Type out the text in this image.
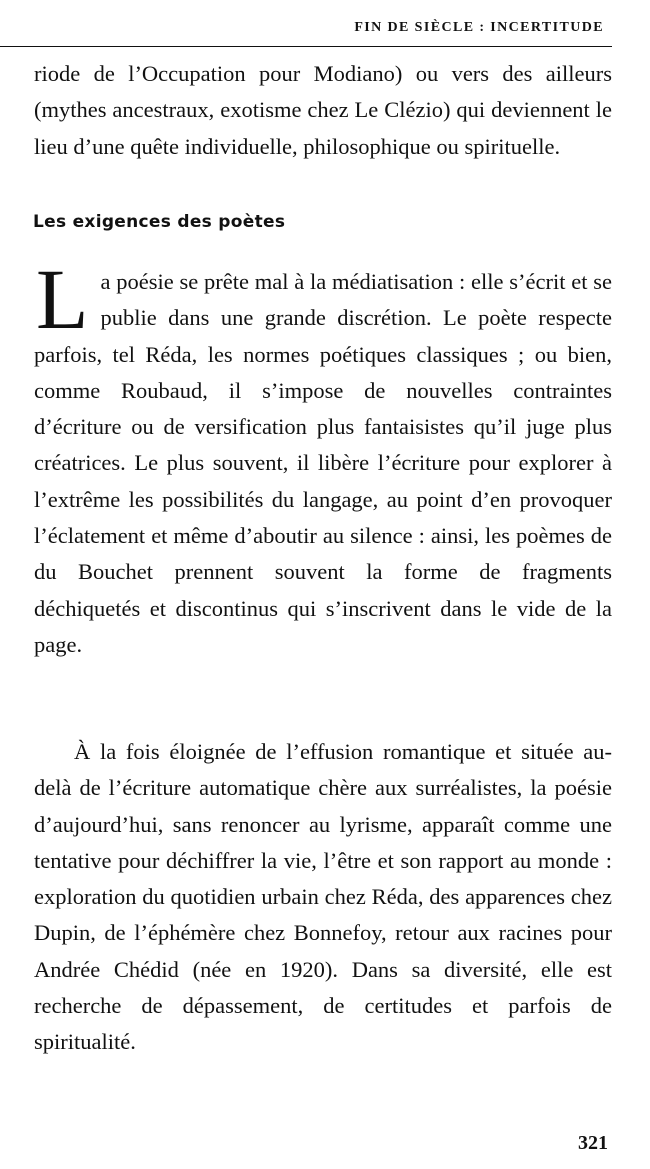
FIN DE SIÈCLE : INCERTITUDE

riode de l’Occupation pour Modiano) ou vers des ailleurs (mythes ancestraux, exotisme chez Le Clézio) qui deviennent le lieu d’une quête individuelle, philosophique ou spirituelle.

Les exigences des poètes

La poésie se prête mal à la médiatisation : elle s’écrit et se publie dans une grande discrétion. Le poète respecte parfois, tel Réda, les normes poétiques classiques ; ou bien, comme Roubaud, il s’impose de nouvelles contraintes d’écriture ou de versification plus fantaisistes qu’il juge plus créatrices. Le plus souvent, il libère l’écriture pour explorer à l’extrême les possibilités du langage, au point d’en provoquer l’éclatement et même d’aboutir au silence : ainsi, les poèmes de du Bouchet prennent souvent la forme de fragments déchiquetés et discontinus qui s’inscrivent dans le vide de la page.

À la fois éloignée de l’effusion romantique et située au-delà de l’écriture automatique chère aux surréalistes, la poésie d’aujourd’hui, sans renoncer au lyrisme, apparaît comme une tentative pour déchiffrer la vie, l’être et son rapport au monde : exploration du quotidien urbain chez Réda, des apparences chez Dupin, de l’éphémère chez Bonnefoy, retour aux racines pour Andrée Chédid (née en 1920). Dans sa diversité, elle est recherche de dépassement, de certitudes et parfois de spiritualité.

321
